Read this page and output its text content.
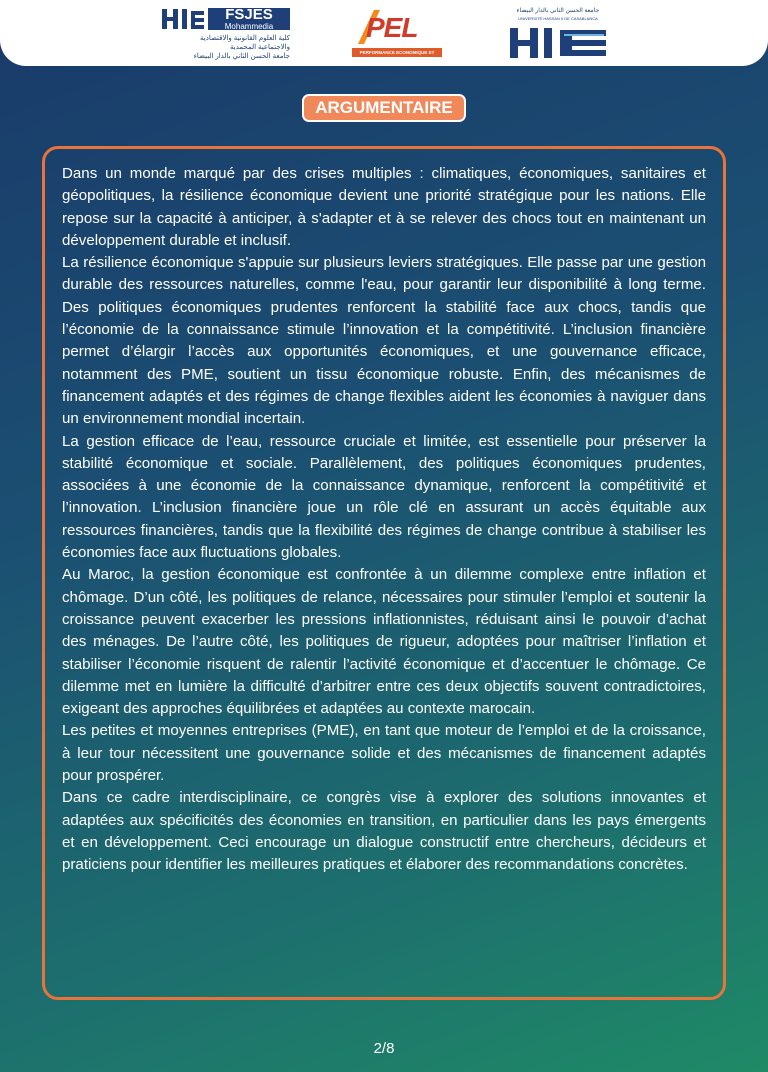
FSJES
Mohammedia
كلية العلوم القانونية والاقتصادية
والاجتماعية المحمدية
جامعة الحسن الثاني بالدار البيضاء
PEL
PERFORMANCE ECONOMIQUE ET LOGISTIQUE
جامعة الحسن الثاني بالدار البيضاء
UNIVERSITÉ HASSAN II DE CASABLANCA
ARGUMENTAIRE

Dans un monde marqué par des crises multiples : climatiques, économiques, sanitaires et géopolitiques, la résilience économique devient une priorité stratégique pour les nations. Elle repose sur la capacité à anticiper, à s'adapter et à se relever des chocs tout en maintenant un développement durable et inclusif.

La résilience économique s'appuie sur plusieurs leviers stratégiques. Elle passe par une gestion durable des ressources naturelles, comme l'eau, pour garantir leur disponibilité à long terme. Des politiques économiques prudentes renforcent la stabilité face aux chocs, tandis que l’économie de la connaissance stimule l’innovation et la compétitivité. L’inclusion financière permet d’élargir l’accès aux opportunités économiques, et une gouvernance efficace, notamment des PME, soutient un tissu économique robuste. Enfin, des mécanismes de financement adaptés et des régimes de change flexibles aident les économies à naviguer dans un environnement mondial incertain.

La gestion efficace de l’eau, ressource cruciale et limitée, est essentielle pour préserver la stabilité économique et sociale. Parallèlement, des politiques économiques prudentes, associées à une économie de la connaissance dynamique, renforcent la compétitivité et l’innovation. L’inclusion financière joue un rôle clé en assurant un accès équitable aux ressources financières, tandis que la flexibilité des régimes de change contribue à stabiliser les économies face aux fluctuations globales.

Au Maroc, la gestion économique est confrontée à un dilemme complexe entre inflation et chômage. D’un côté, les politiques de relance, nécessaires pour stimuler l’emploi et soutenir la croissance peuvent exacerber les pressions inflationnistes, réduisant ainsi le pouvoir d’achat des ménages. De l’autre côté, les politiques de rigueur, adoptées pour maîtriser l’inflation et stabiliser l’économie risquent de ralentir l’activité économique et d’accentuer le chômage. Ce dilemme met en lumière la difficulté d’arbitrer entre ces deux objectifs souvent contradictoires, exigeant des approches équilibrées et adaptées au contexte marocain.

Les petites et moyennes entreprises (PME), en tant que moteur de l’emploi et de la croissance, à leur tour nécessitent une gouvernance solide et des mécanismes de financement adaptés pour prospérer.

Dans ce cadre interdisciplinaire, ce congrès vise à explorer des solutions innovantes et adaptées aux spécificités des économies en transition, en particulier dans les pays émergents et en développement. Ceci encourage un dialogue constructif entre chercheurs, décideurs et praticiens pour identifier les meilleures pratiques et élaborer des recommandations concrètes.

2/8
